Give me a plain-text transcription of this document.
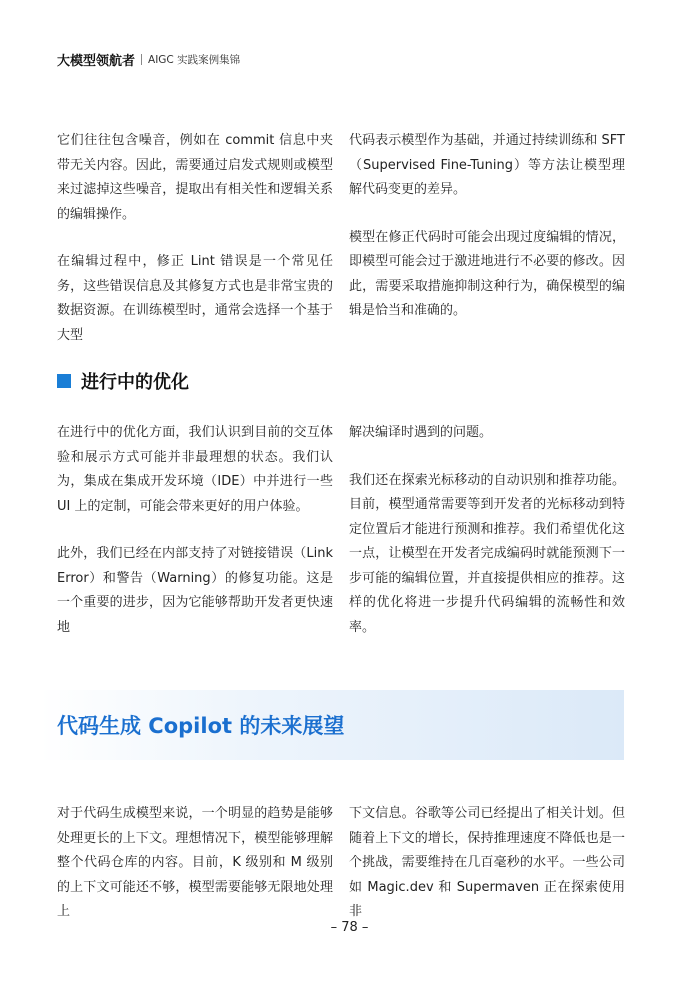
大模型领航者 AIGC 实践案例集锦

它们往往包含噪音，例如在 commit 信息中夹带无关内容。因此，需要通过启发式规则或模型来过滤掉这些噪音，提取出有相关性和逻辑关系的编辑操作。

在编辑过程中，修正 Lint 错误是一个常见任务，这些错误信息及其修复方式也是非常宝贵的数据资源。在训练模型时，通常会选择一个基于大型

代码表示模型作为基础，并通过持续训练和 SFT（Supervised Fine-Tuning）等方法让模型理解代码变更的差异。

模型在修正代码时可能会出现过度编辑的情况，即模型可能会过于激进地进行不必要的修改。因此，需要采取措施抑制这种行为，确保模型的编辑是恰当和准确的。

进行中的优化

在进行中的优化方面，我们认识到目前的交互体验和展示方式可能并非最理想的状态。我们认为，集成在集成开发环境（IDE）中并进行一些 UI 上的定制，可能会带来更好的用户体验。

此外，我们已经在内部支持了对链接错误（Link Error）和警告（Warning）的修复功能。这是一个重要的进步，因为它能够帮助开发者更快速地

解决编译时遇到的问题。

我们还在探索光标移动的自动识别和推荐功能。目前，模型通常需要等到开发者的光标移动到特定位置后才能进行预测和推荐。我们希望优化这一点，让模型在开发者完成编码时就能预测下一步可能的编辑位置，并直接提供相应的推荐。这样的优化将进一步提升代码编辑的流畅性和效率。

代码生成 Copilot 的未来展望

对于代码生成模型来说，一个明显的趋势是能够处理更长的上下文。理想情况下，模型能够理解整个代码仓库的内容。目前，K 级别和 M 级别的上下文可能还不够，模型需要能够无限地处理上

下文信息。谷歌等公司已经提出了相关计划。但随着上下文的增长，保持推理速度不降低也是一个挑战，需要维持在几百毫秒的水平。一些公司如 Magic.dev 和 Supermaven 正在探索使用非

– 78 –
